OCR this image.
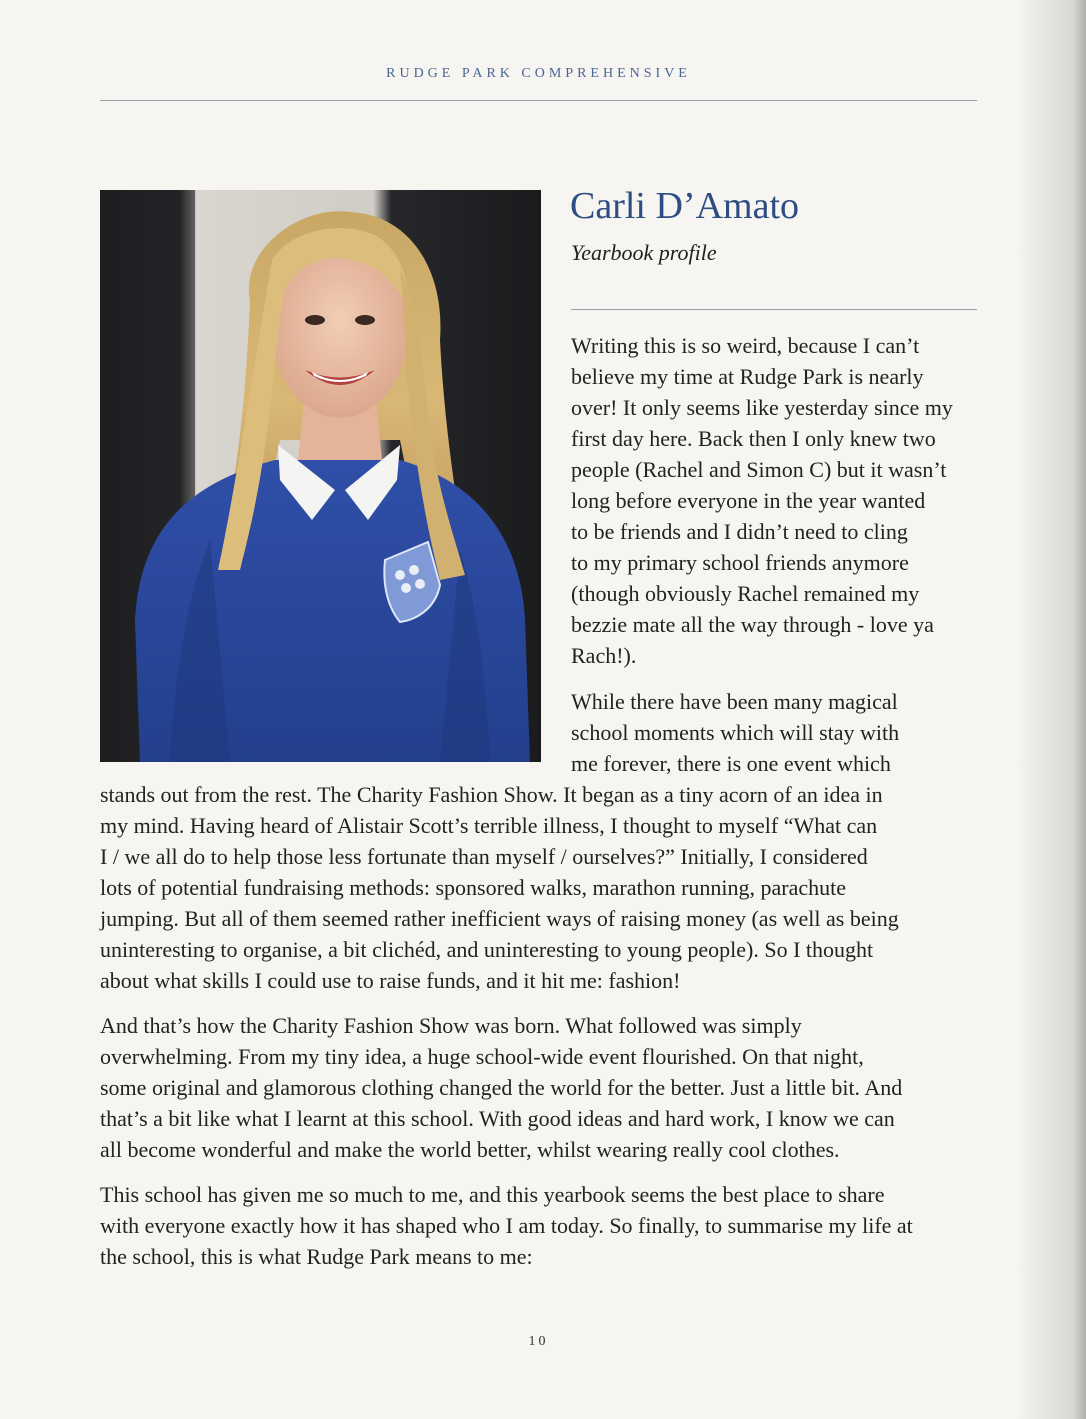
RUDGE PARK COMPREHENSIVE
Carli D’Amato
Yearbook profile
Writing this is so weird, because I can’t
believe my time at Rudge Park is nearly
over! It only seems like yesterday since my
first day here. Back then I only knew two
people (Rachel and Simon C) but it wasn’t
long before everyone in the year wanted
to be friends and I didn’t need to cling
to my primary school friends anymore
(though obviously Rachel remained my
bezzie mate all the way through - love ya
Rach!).
While there have been many magical
school moments which will stay with
me forever, there is one event which
stands out from the rest. The Charity Fashion Show. It began as a tiny acorn of an idea in
my mind. Having heard of Alistair Scott’s terrible illness, I thought to myself “What can
I / we all do to help those less fortunate than myself / ourselves?” Initially, I considered
lots of potential fundraising methods: sponsored walks, marathon running, parachute
jumping. But all of them seemed rather inefficient ways of raising money (as well as being
uninteresting to organise, a bit clichéd, and uninteresting to young people). So I thought
about what skills I could use to raise funds, and it hit me: fashion!
And that’s how the Charity Fashion Show was born. What followed was simply
overwhelming. From my tiny idea, a huge school-wide event flourished. On that night,
some original and glamorous clothing changed the world for the better. Just a little bit. And
that’s a bit like what I learnt at this school. With good ideas and hard work, I know we can
all become wonderful and make the world better, whilst wearing really cool clothes.
This school has given me so much to me, and this yearbook seems the best place to share
with everyone exactly how it has shaped who I am today. So finally, to summarise my life at
the school, this is what Rudge Park means to me:
10
